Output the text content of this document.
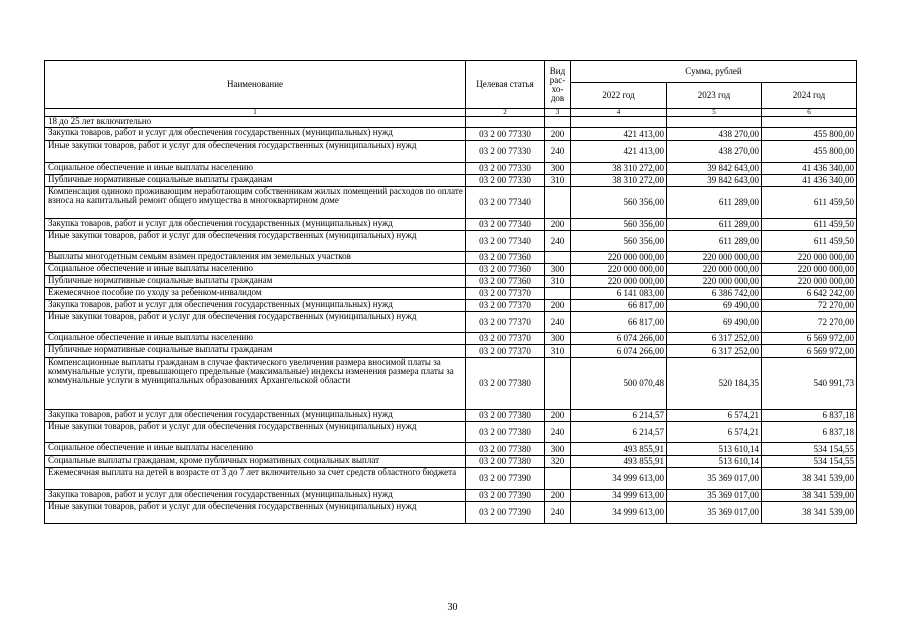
Наименование	Целевая статья	Вид рас-хо-дов	Сумма, рублей		
			2022 год	2023 год	2024 год
1	2	3	4	5	6
18 до 25 лет включительно					
Закупка товаров, работ и услуг для обеспечения государственных (муниципальных) нужд	03 2 00 77330	200	421 413,00	438 270,00	455 800,00
Иные закупки товаров, работ и услуг для обеспечения государственных (муниципальных) нужд	03 2 00 77330	240	421 413,00	438 270,00	455 800,00
Социальное обеспечение и иные выплаты населению	03 2 00 77330	300	38 310 272,00	39 842 643,00	41 436 340,00
Публичные нормативные социальные выплаты гражданам	03 2 00 77330	310	38 310 272,00	39 842 643,00	41 436 340,00
Компенсация одиноко проживающим неработающим собственникам жилых помещений расходов по оплате взноса на капитальный ремонт общего имущества в многоквартирном доме	03 2 00 77340		560 356,00	611 289,00	611 459,50
Закупка товаров, работ и услуг для обеспечения государственных (муниципальных) нужд	03 2 00 77340	200	560 356,00	611 289,00	611 459,50
Иные закупки товаров, работ и услуг для обеспечения государственных (муниципальных) нужд	03 2 00 77340	240	560 356,00	611 289,00	611 459,50
Выплаты многодетным семьям взамен предоставления им земельных участков	03 2 00 77360		220 000 000,00	220 000 000,00	220 000 000,00
Социальное обеспечение и иные выплаты населению	03 2 00 77360	300	220 000 000,00	220 000 000,00	220 000 000,00
Публичные нормативные социальные выплаты гражданам	03 2 00 77360	310	220 000 000,00	220 000 000,00	220 000 000,00
Ежемесячное пособие по уходу за ребенком-инвалидом	03 2 00 77370		6 141 083,00	6 386 742,00	6 642 242,00
Закупка товаров, работ и услуг для обеспечения государственных (муниципальных) нужд	03 2 00 77370	200	66 817,00	69 490,00	72 270,00
Иные закупки товаров, работ и услуг для обеспечения государственных (муниципальных) нужд	03 2 00 77370	240	66 817,00	69 490,00	72 270,00
Социальное обеспечение и иные выплаты населению	03 2 00 77370	300	6 074 266,00	6 317 252,00	6 569 972,00
Публичные нормативные социальные выплаты гражданам	03 2 00 77370	310	6 074 266,00	6 317 252,00	6 569 972,00
Компенсационные выплаты гражданам в случае фактического увеличения размера вносимой платы за коммунальные услуги, превышающего предельные (максимальные) индексы изменения размера платы за коммунальные услуги в муниципальных образованиях Архангельской области	03 2 00 77380		500 070,48	520 184,35	540 991,73
Закупка товаров, работ и услуг для обеспечения государственных (муниципальных) нужд	03 2 00 77380	200	6 214,57	6 574,21	6 837,18
Иные закупки товаров, работ и услуг для обеспечения государственных (муниципальных) нужд	03 2 00 77380	240	6 214,57	6 574,21	6 837,18
Социальное обеспечение и иные выплаты населению	03 2 00 77380	300	493 855,91	513 610,14	534 154,55
Социальные выплаты гражданам, кроме публичных нормативных социальных выплат	03 2 00 77380	320	493 855,91	513 610,14	534 154,55
Ежемесячная выплата на детей в возрасте от 3 до 7 лет включительно за счет средств областного бюджета	03 2 00 77390		34 999 613,00	35 369 017,00	38 341 539,00
Закупка товаров, работ и услуг для обеспечения государственных (муниципальных) нужд	03 2 00 77390	200	34 999 613,00	35 369 017,00	38 341 539,00
Иные закупки товаров, работ и услуг для обеспечения государственных (муниципальных) нужд	03 2 00 77390	240	34 999 613,00	35 369 017,00	38 341 539,00
30
